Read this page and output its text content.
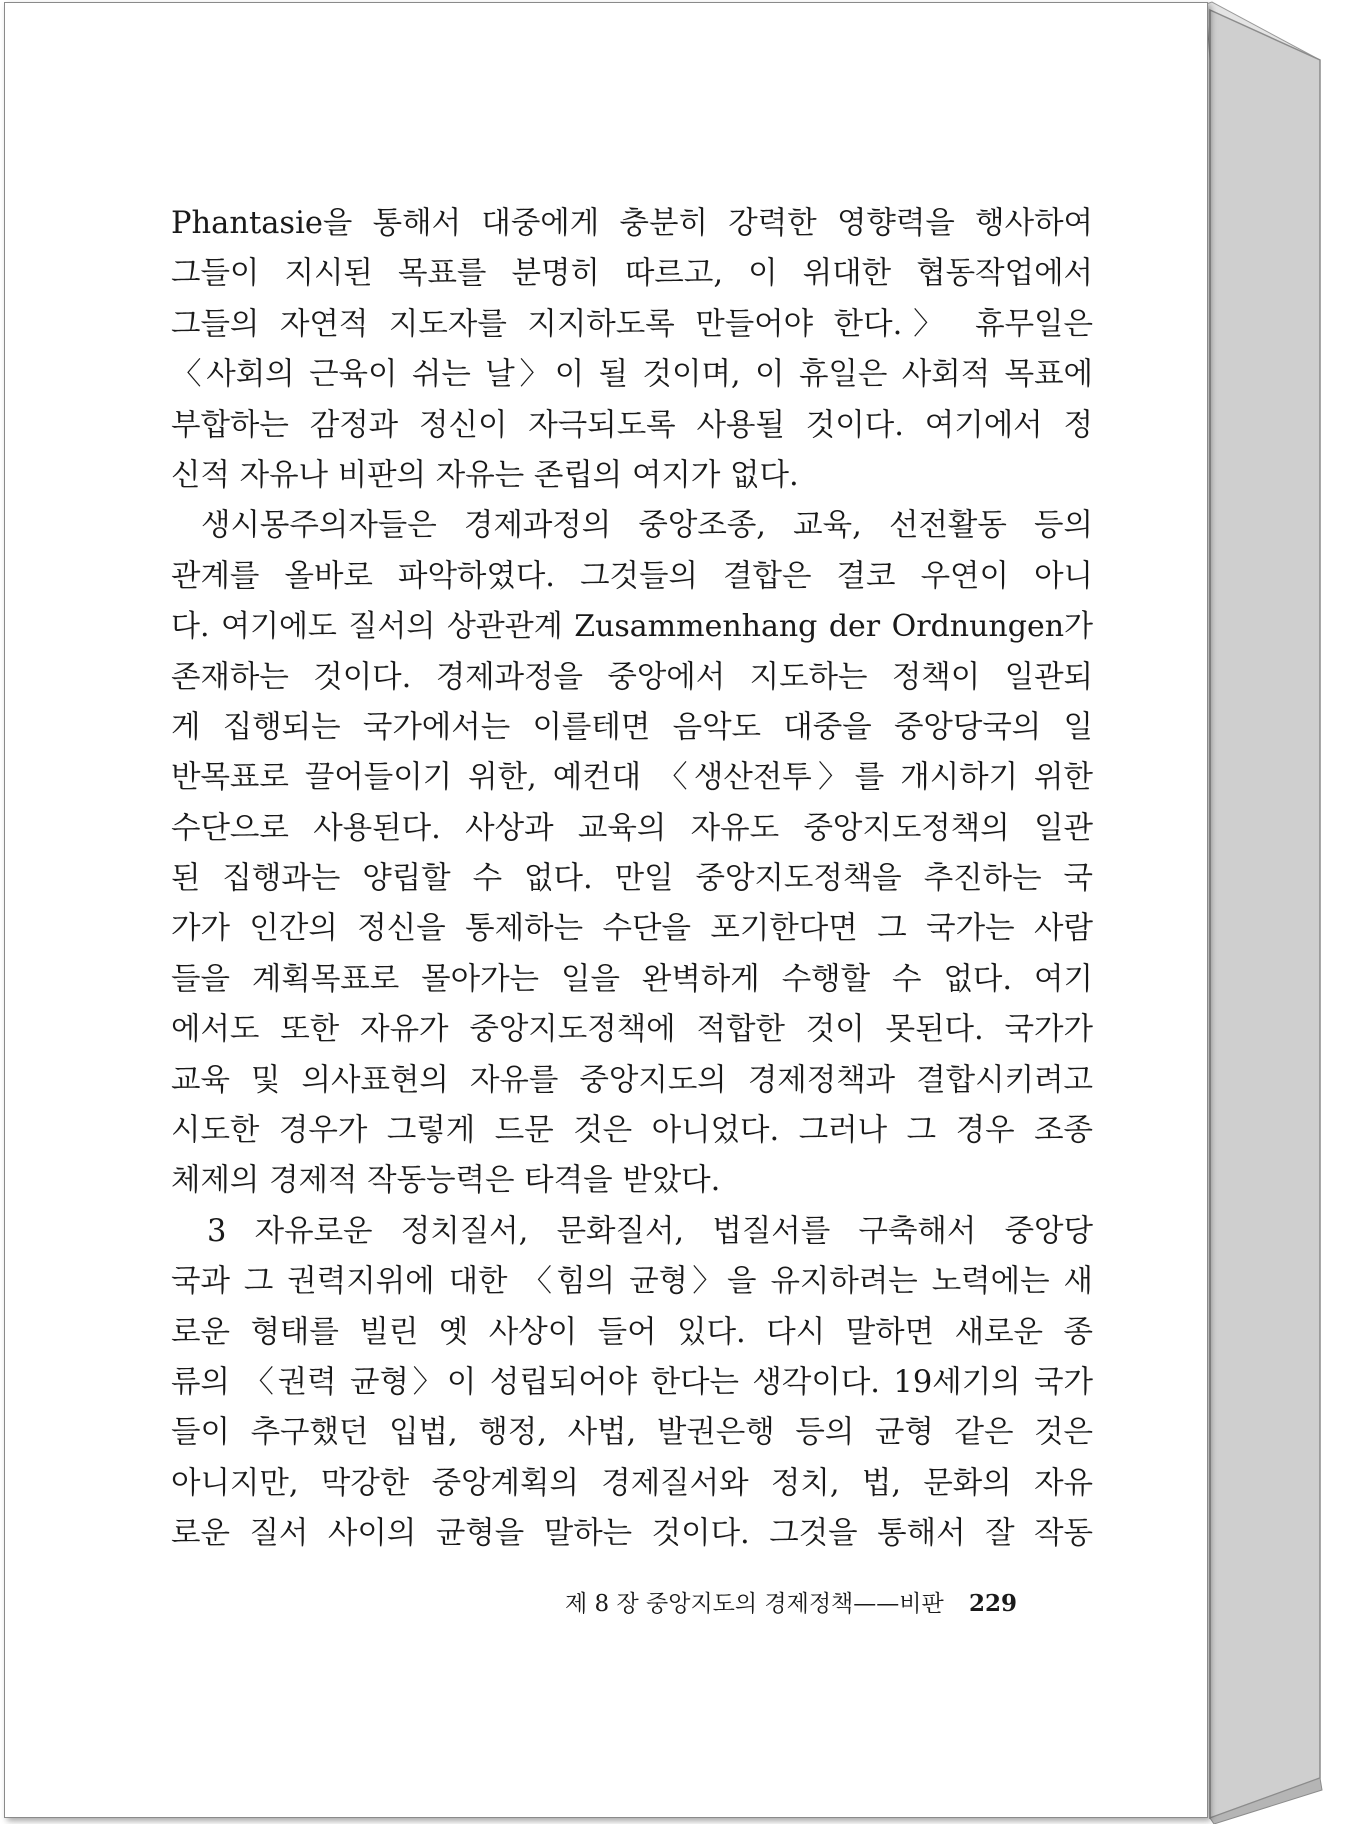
Phantasie을 통해서 대중에게 충분히 강력한 영향력을 행사하여
그들이 지시된 목표를 분명히 따르고, 이 위대한 협동작업에서
그들의 자연적 지도자를 지지하도록 만들어야 한다.〉 휴무일은
〈사회의 근육이 쉬는 날〉이 될 것이며, 이 휴일은 사회적 목표에
부합하는 감정과 정신이 자극되도록 사용될 것이다. 여기에서 정
신적 자유나 비판의 자유는 존립의 여지가 없다.
생시몽주의자들은 경제과정의 중앙조종, 교육, 선전활동 등의
관계를 올바로 파악하였다. 그것들의 결합은 결코 우연이 아니
다. 여기에도 질서의 상관관계 Zusammenhang der Ordnungen가
존재하는 것이다. 경제과정을 중앙에서 지도하는 정책이 일관되
게 집행되는 국가에서는 이를테면 음악도 대중을 중앙당국의 일
반목표로 끌어들이기 위한, 예컨대 〈생산전투〉를 개시하기 위한
수단으로 사용된다. 사상과 교육의 자유도 중앙지도정책의 일관
된 집행과는 양립할 수 없다. 만일 중앙지도정책을 추진하는 국
가가 인간의 정신을 통제하는 수단을 포기한다면 그 국가는 사람
들을 계획목표로 몰아가는 일을 완벽하게 수행할 수 없다. 여기
에서도 또한 자유가 중앙지도정책에 적합한 것이 못된다. 국가가
교육 및 의사표현의 자유를 중앙지도의 경제정책과 결합시키려고
시도한 경우가 그렇게 드문 것은 아니었다. 그러나 그 경우 조종
체제의 경제적 작동능력은 타격을 받았다.
3 자유로운 정치질서, 문화질서, 법질서를 구축해서 중앙당
국과 그 권력지위에 대한 〈힘의 균형〉을 유지하려는 노력에는 새
로운 형태를 빌린 옛 사상이 들어 있다. 다시 말하면 새로운 종
류의 〈권력 균형〉이 성립되어야 한다는 생각이다. 19세기의 국가
들이 추구했던 입법, 행정, 사법, 발권은행 등의 균형 같은 것은
아니지만, 막강한 중앙계획의 경제질서와 정치, 법, 문화의 자유
로운 질서 사이의 균형을 말하는 것이다. 그것을 통해서 잘 작동
제 8 장 중앙지도의 경제정책——비판 229
